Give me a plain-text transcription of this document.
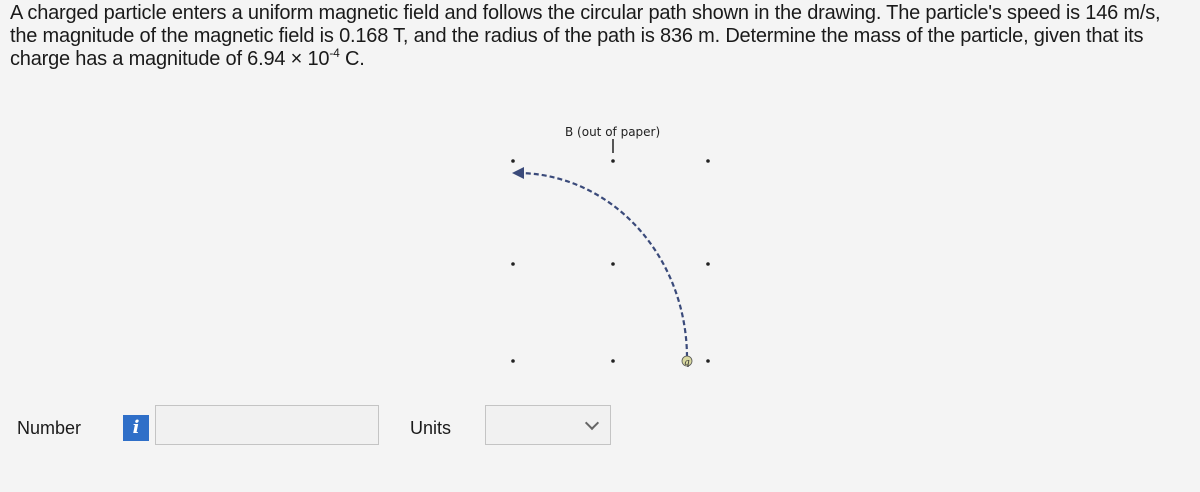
A charged particle enters a uniform magnetic field and follows the circular path shown in the drawing. The particle's speed is 146 m/s, the magnitude of the magnetic field is 0.168 T, and the radius of the path is 836 m. Determine the mass of the particle, given that its charge has a magnitude of $6.94 \times 10^{-4}$ C.
B (out of paper)
q
Number	i	Units
